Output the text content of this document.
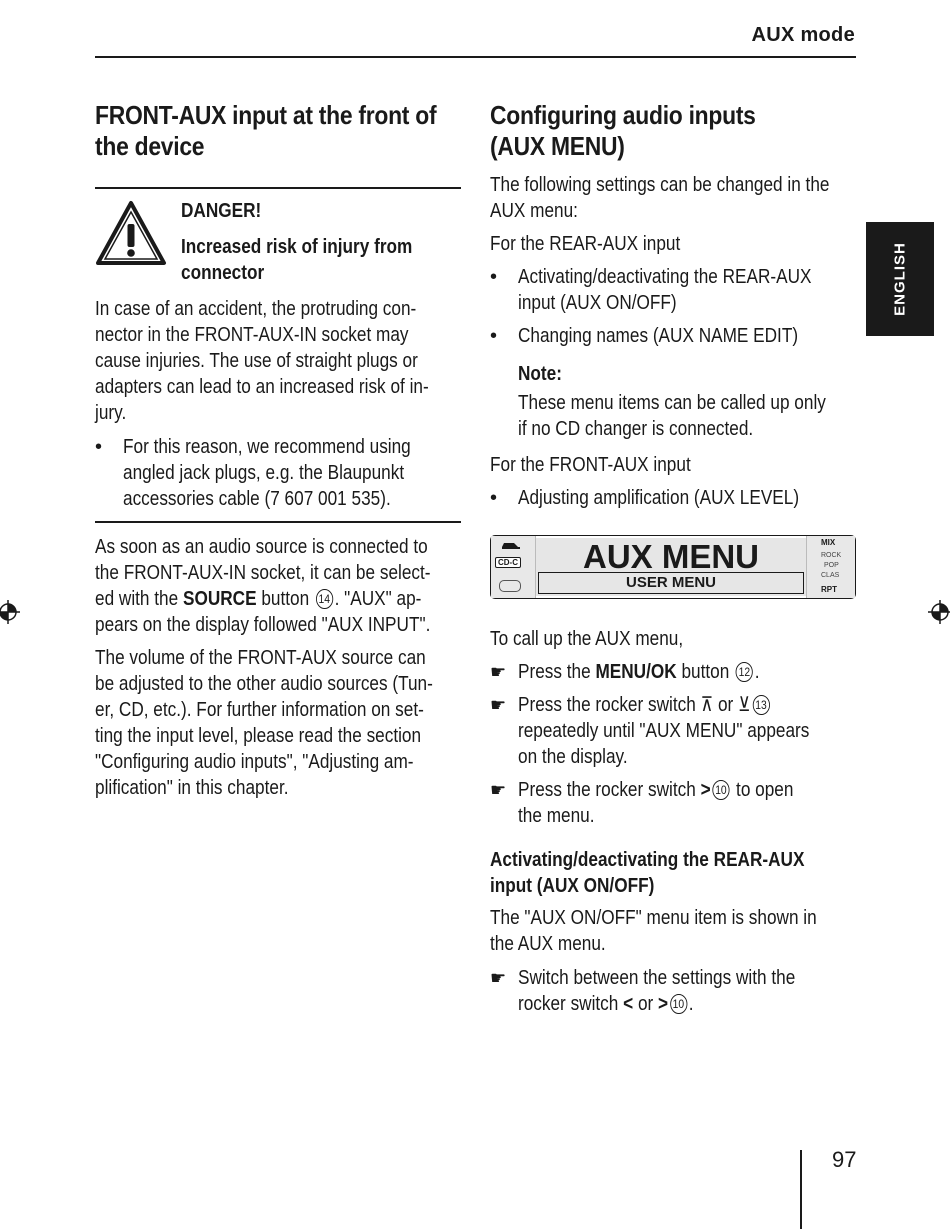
AUX mode
ENGLISH
FRONT-AUX input at the front of
the device
DANGER!
Increased risk of injury from
connector
In case of an accident, the protruding con-
nector in the FRONT-AUX-IN socket may
cause injuries. The use of straight plugs or
adapters can lead to an increased risk of in-
jury.
•	For this reason, we recommend using
angled jack plugs, e.g. the Blaupunkt
accessories cable (7 607 001 535).
As soon as an audio source is connected to
the FRONT-AUX-IN socket, it can be select-
ed with the SOURCE button 14 . "AUX" ap-
pears on the display followed "AUX INPUT".
The volume of the FRONT-AUX source can
be adjusted to the other audio sources (Tun-
er, CD, etc.). For further information on set-
ting the input level, please read the section
"Configuring audio inputs", "Adjusting am-
plification" in this chapter.
Configuring audio inputs
(AUX MENU)
The following settings can be changed in the
AUX menu:
For the REAR-AUX input
•	Activating/deactivating the REAR-AUX
input (AUX ON/OFF)
•	Changing names (AUX NAME EDIT)
Note:
These menu items can be called up only
if no CD changer is connected.
For the FRONT-AUX input
•	Adjusting amplification (AUX LEVEL)
To call up the AUX menu,
☛ Press the MENU/OK button 12 .
☛ Press the rocker switch ⊼ or ⊻ 13
repeatedly until "AUX MENU" appears
on the display.
☛ Press the rocker switch > 10 to open
the menu.
Activating/deactivating the REAR-AUX
input (AUX ON/OFF)
The "AUX ON/OFF" menu item is shown in
the AUX menu.
☛ Switch between the settings with the
rocker switch < or > 10 .
CD-C	AUX MENU
USER MENU
MIX
ROCK
POP
CLAS
RPT
97
